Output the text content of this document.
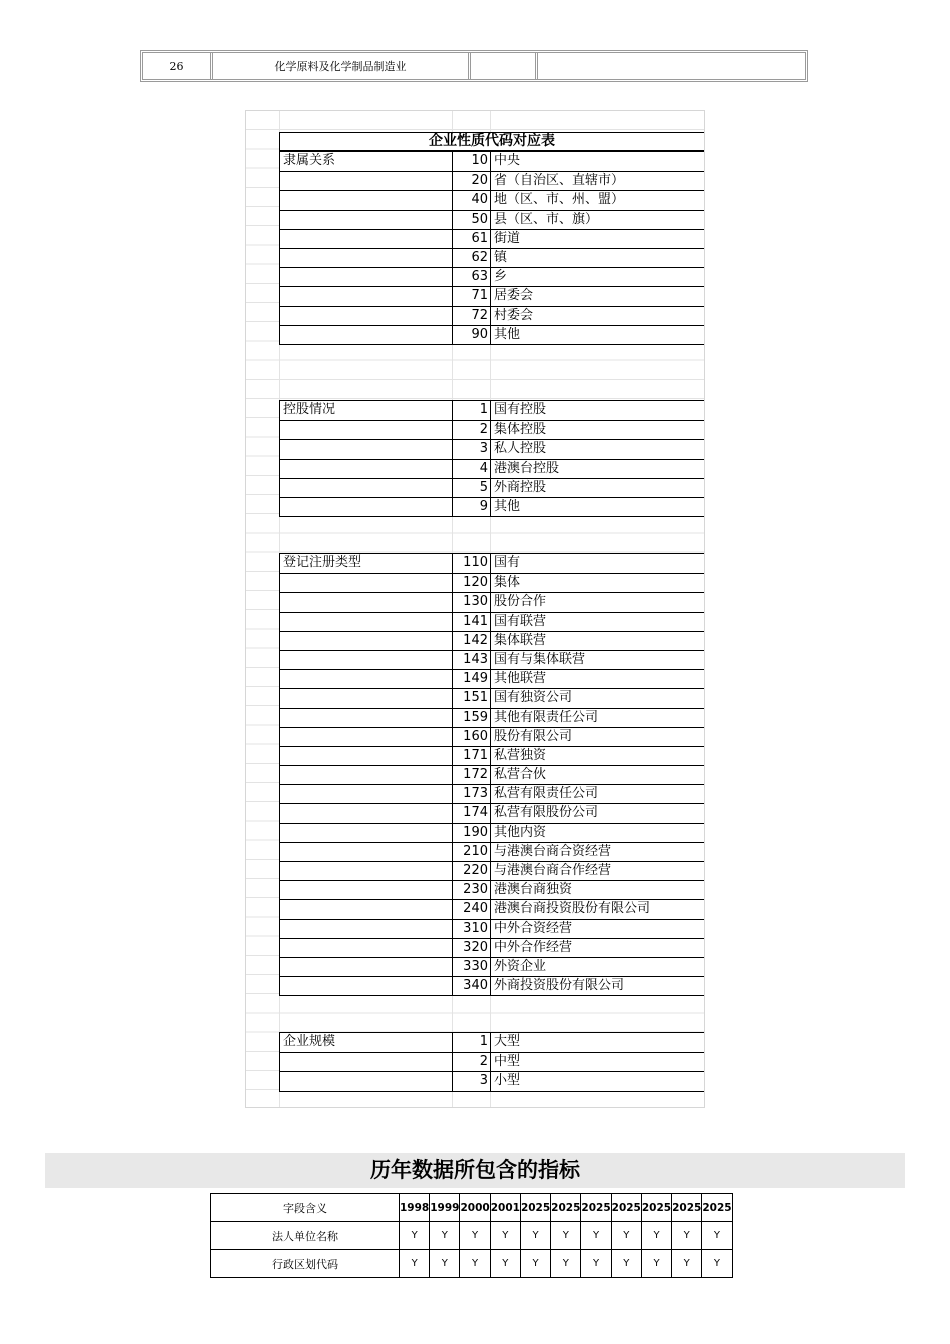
26	化学原料及化学制品制造业
企业性质代码对应表
隶属关系	10 中央
20 省（自治区、直辖市）
40 地（区、市、州、盟）
50 县（区、市、旗）
61 街道
62 镇
63 乡
71 居委会
72 村委会
90 其他
控股情况	1 国有控股
2 集体控股
3 私人控股
4 港澳台控股
5 外商控股
9 其他
登记注册类型	110 国有
120 集体
130 股份合作
141 国有联营
142 集体联营
143 国有与集体联营
149 其他联营
151 国有独资公司
159 其他有限责任公司
160 股份有限公司
171 私营独资
172 私营合伙
173 私营有限责任公司
174 私营有限股份公司
190 其他内资
210 与港澳台商合资经营
220 与港澳台商合作经营
230 港澳台商独资
240 港澳台商投资股份有限公司
310 中外合资经营
320 中外合作经营
330 外资企业
340 外商投资股份有限公司
企业规模	1 大型
2 中型
3 小型
历年数据所包含的指标
字段含义	1998	1999	2000	2001	2025	2025	2025	2025	2025	2025	2025
法人单位名称	Y	Y	Y	Y	Y	Y	Y	Y	Y	Y	Y
行政区划代码	Y	Y	Y	Y	Y	Y	Y	Y	Y	Y	Y
